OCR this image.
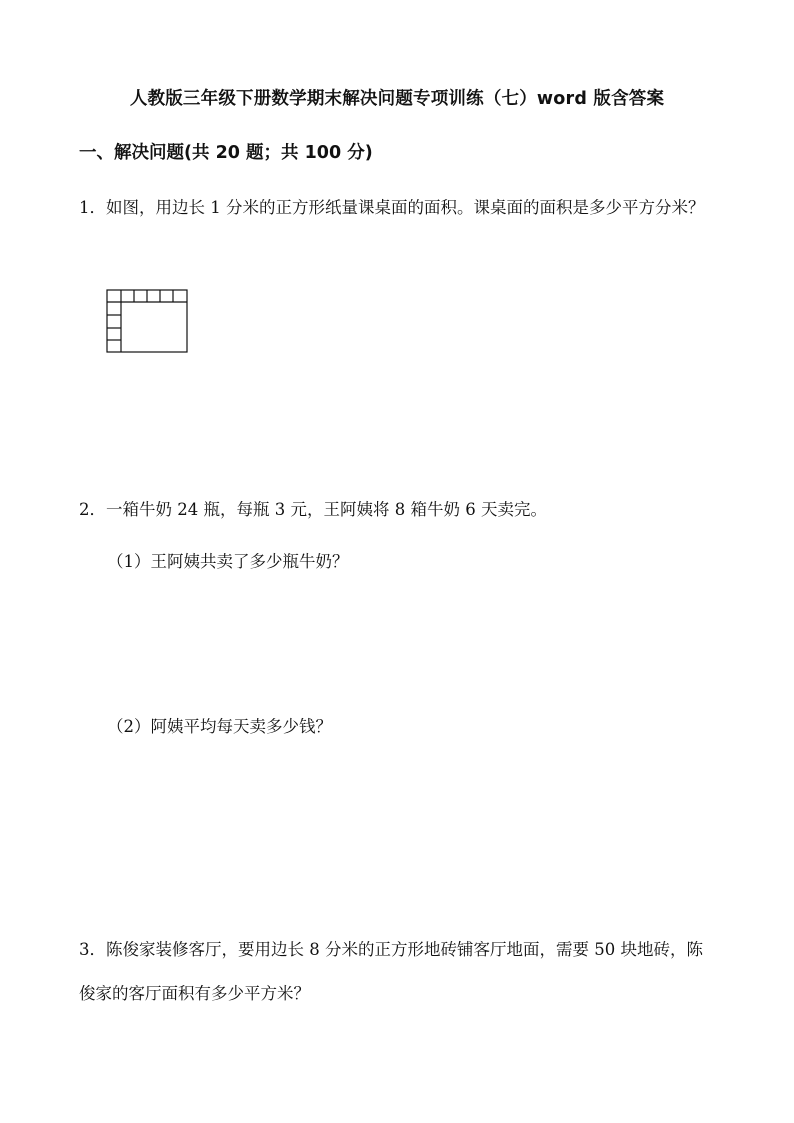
人教版三年级下册数学期末解决问题专项训练（七）word 版含答案
一、解决问题(共 20 题；共 100 分)
1．如图，用边长 1 分米的正方形纸量课桌面的面积。课桌面的面积是多少平方分米？
2．一箱牛奶 24 瓶，每瓶 3 元，王阿姨将 8 箱牛奶 6 天卖完。
（1）王阿姨共卖了多少瓶牛奶？
（2）阿姨平均每天卖多少钱？
3．陈俊家装修客厅，要用边长 8 分米的正方形地砖铺客厅地面，需要 50 块地砖，陈俊家的客厅面积有多少平方米？
